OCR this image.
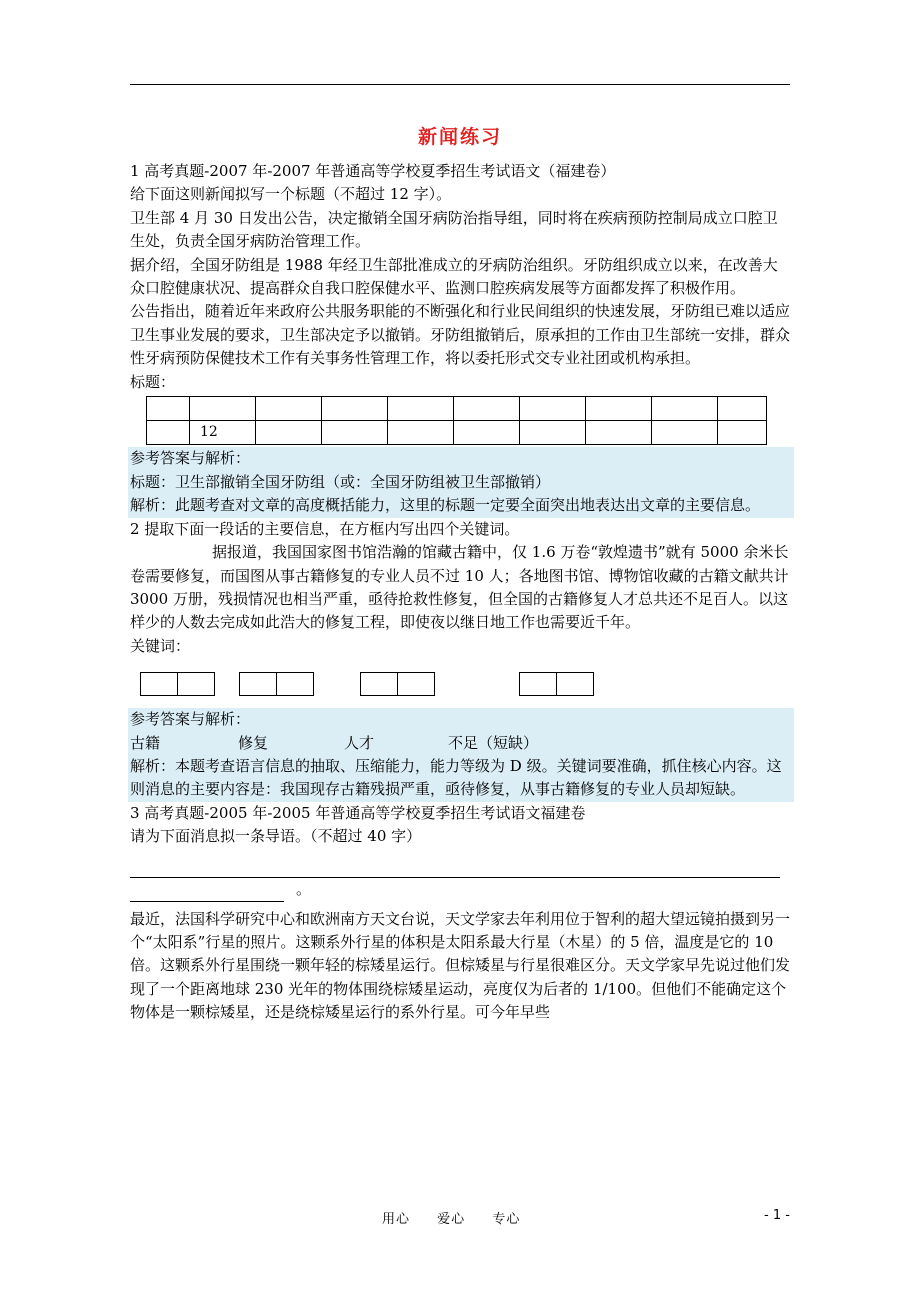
新闻练习

1 高考真题-2007 年-2007 年普通高等学校夏季招生考试语文（福建卷）

给下面这则新闻拟写一个标题（不超过 12 字）。

卫生部 4 月 30 日发出公告，决定撤销全国牙病防治指导组，同时将在疾病预防控制局成立口腔卫生处，负责全国牙病防治管理工作。

据介绍，全国牙防组是 1988 年经卫生部批准成立的牙病防治组织。牙防组织成立以来，在改善大众口腔健康状况、提高群众自我口腔保健水平、监测口腔疾病发展等方面都发挥了积极作用。

公告指出，随着近年来政府公共服务职能的不断强化和行业民间组织的快速发展，牙防组已难以适应卫生事业发展的要求，卫生部决定予以撤销。牙防组撤销后，原承担的工作由卫生部统一安排，群众性牙病预防保健技术工作有关事务性管理工作，将以委托形式交专业社团或机构承担。

标题：

	12								

参考答案与解析：

标题：卫生部撤销全国牙防组（或：全国牙防组被卫生部撤销）

解析：此题考查对文章的高度概括能力，这里的标题一定要全面突出地表达出文章的主要信息。

2 提取下面一段话的主要信息，在方框内写出四个关键词。

据报道，我国国家图书馆浩瀚的馆藏古籍中，仅 1.6 万卷“敦煌遗书”就有 5000 余米长卷需要修复，而国图从事古籍修复的专业人员不过 10 人；各地图书馆、博物馆收藏的古籍文献共计 3000 万册，残损情况也相当严重，亟待抢救性修复，但全国的古籍修复人才总共还不足百人。以这样少的人数去完成如此浩大的修复工程，即使夜以继日地工作也需要近千年。

关键词：

参考答案与解析：

古籍	修复	人才	不足（短缺）

解析：本题考查语言信息的抽取、压缩能力，能力等级为 D 级。关键词要准确，抓住核心内容。这则消息的主要内容是：我国现存古籍残损严重，亟待修复，从事古籍修复的专业人员却短缺。

3 高考真题-2005 年-2005 年普通高等学校夏季招生考试语文福建卷

请为下面消息拟一条导语。（不超过 40 字）

。

最近，法国科学研究中心和欧洲南方天文台说，天文学家去年利用位于智利的超大望远镜拍摄到另一个“太阳系”行星的照片。这颗系外行星的体积是太阳系最大行星（木星）的 5 倍，温度是它的 10 倍。这颗系外行星围绕一颗年轻的棕矮星运行。但棕矮星与行星很难区分。天文学家早先说过他们发现了一个距离地球 230 光年的物体围绕棕矮星运动，亮度仅为后者的 1/100。但他们不能确定这个物体是一颗棕矮星，还是绕棕矮星运行的系外行星。可今年早些

用心 爱心 专心	- 1 -
